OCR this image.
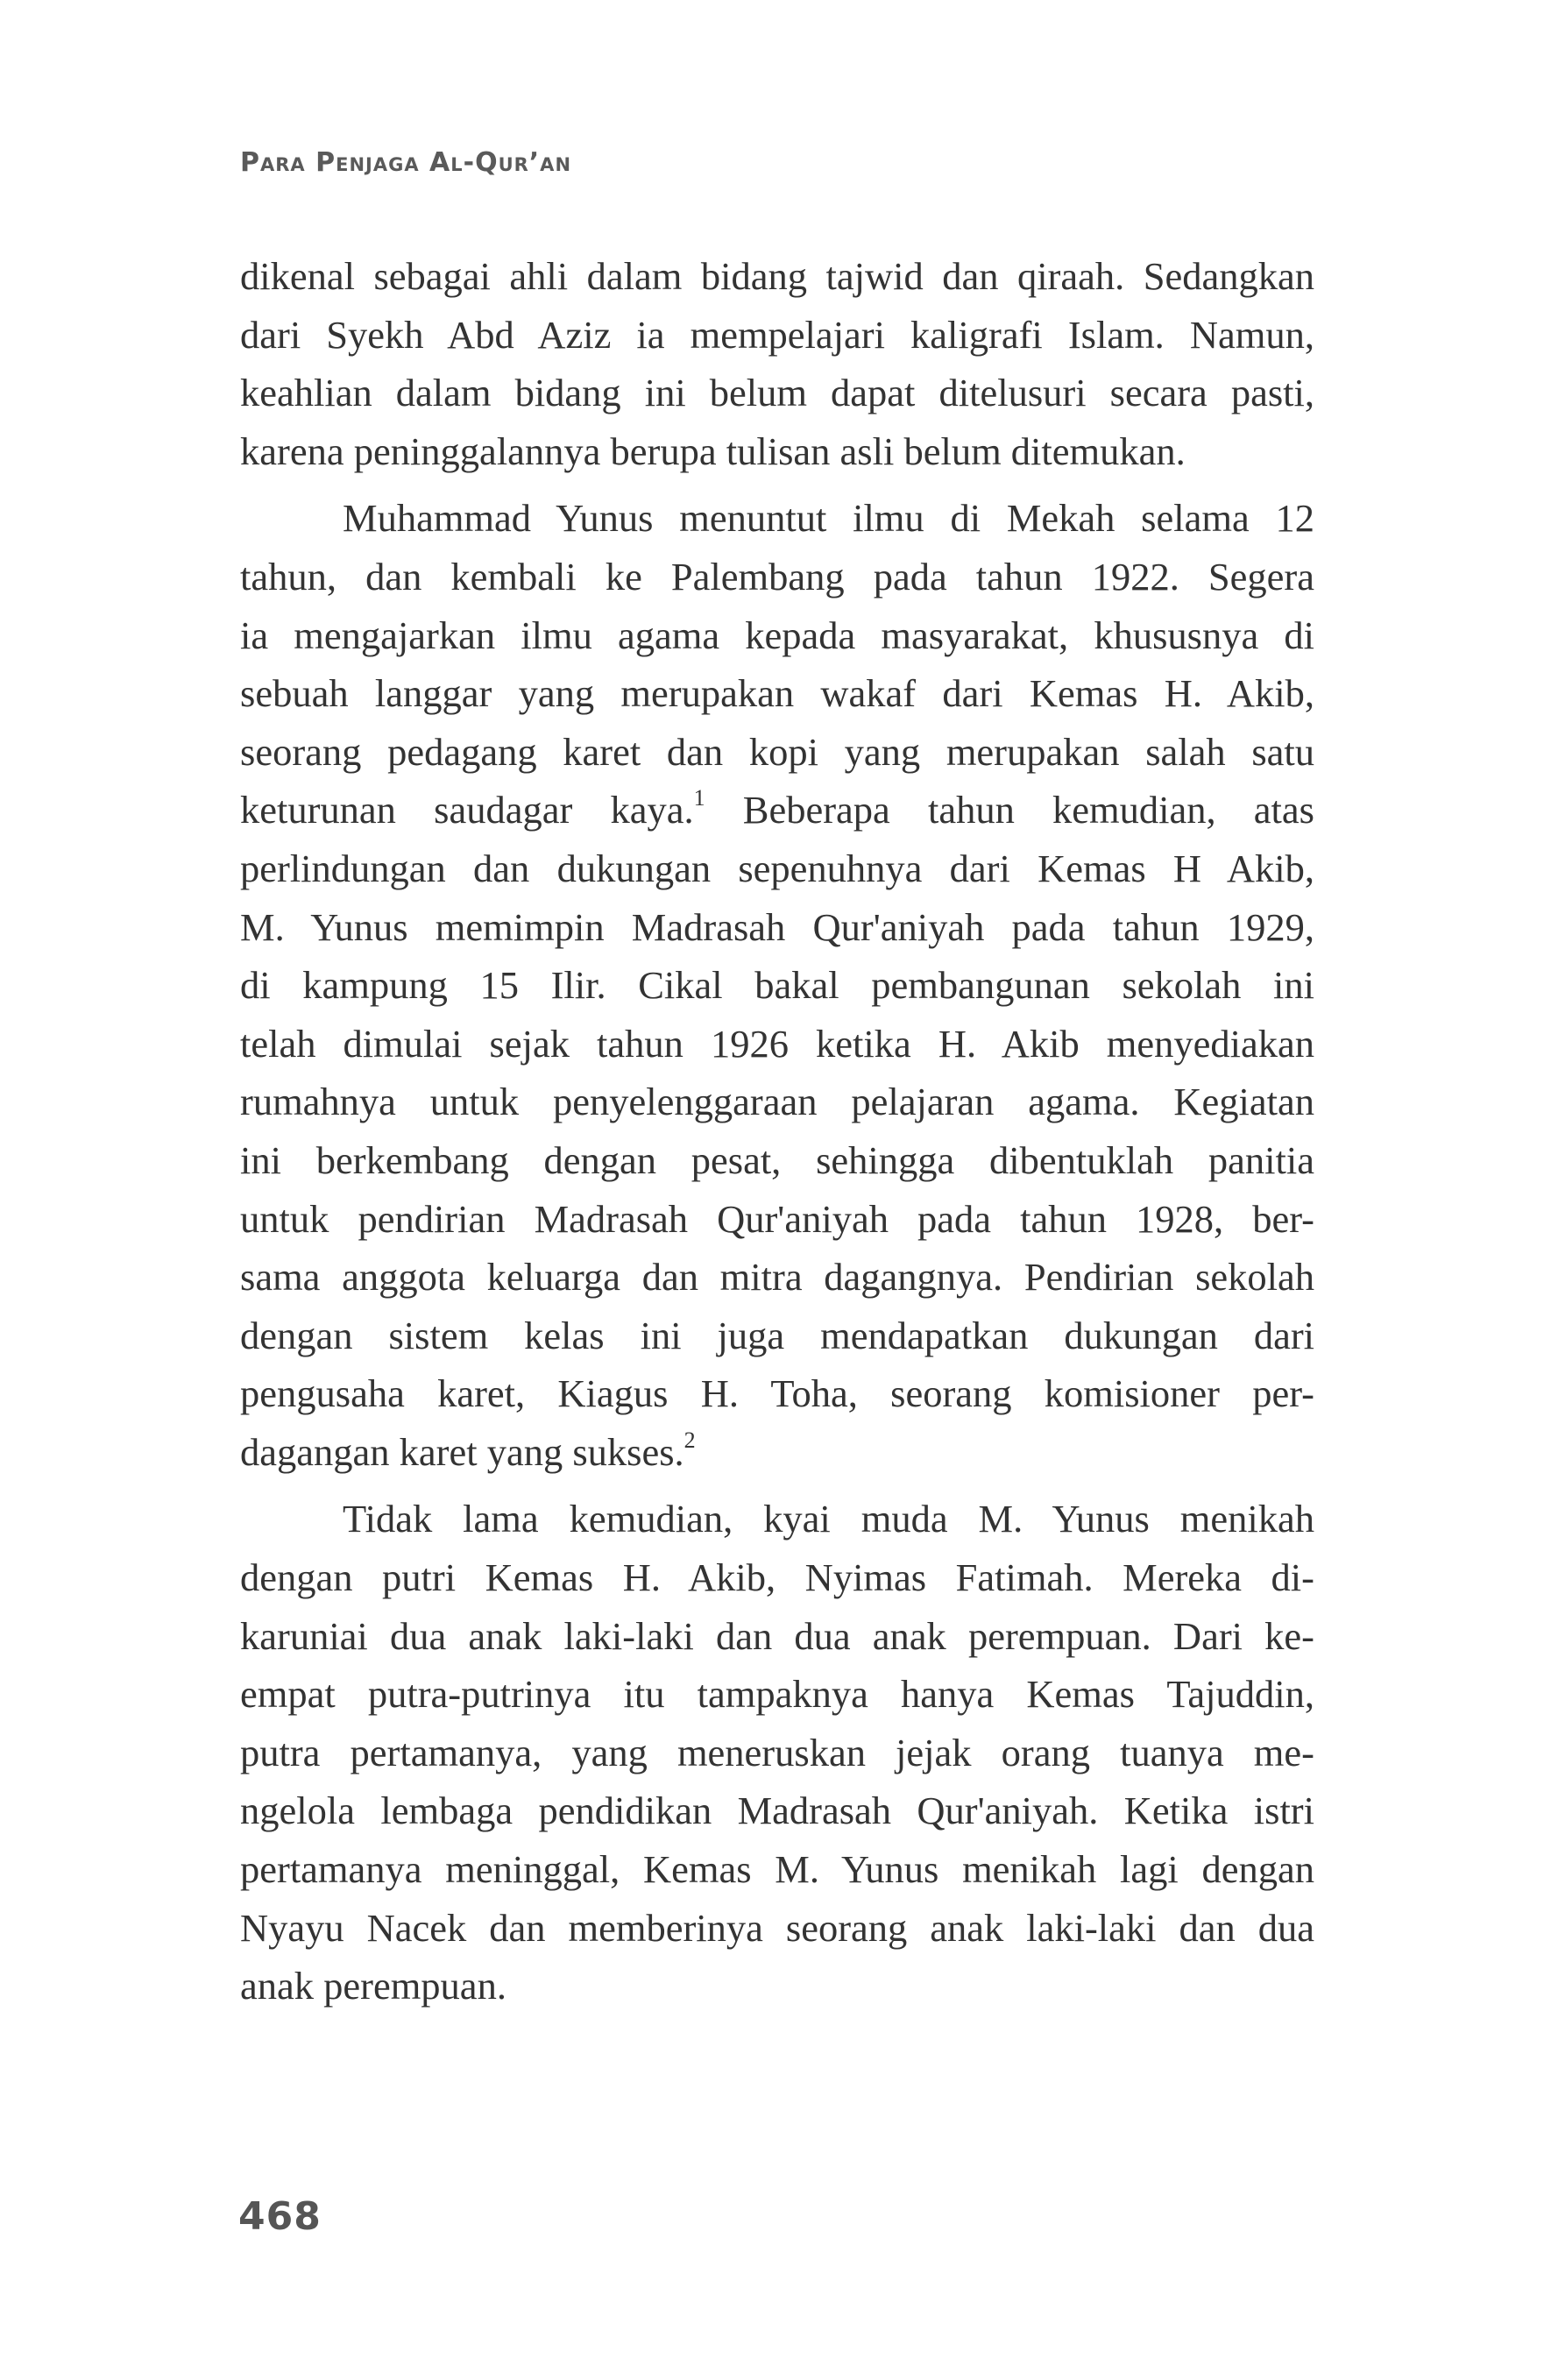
Para Penjaga Al-Qur’an

dikenal sebagai ahli dalam bidang tajwid dan qiraah. Sedangkan
dari Syekh Abd Aziz ia mempelajari kaligrafi Islam. Namun,
keahlian dalam bidang ini belum dapat ditelusuri secara pasti,
karena peninggalannya berupa tulisan asli belum ditemukan.

Muhammad Yunus menuntut ilmu di Mekah selama 12
tahun, dan kembali ke Palembang pada tahun 1922. Segera
ia mengajarkan ilmu agama kepada masyarakat, khususnya di
sebuah langgar yang merupakan wakaf dari Kemas H. Akib,
seorang pedagang karet dan kopi yang merupakan salah satu
keturunan saudagar kaya.$^1$ Beberapa tahun kemudian, atas
perlindungan dan dukungan sepenuhnya dari Kemas H Akib,
M. Yunus memimpin Madrasah Qur'aniyah pada tahun 1929,
di kampung 15 Ilir. Cikal bakal pembangunan sekolah ini
telah dimulai sejak tahun 1926 ketika H. Akib menyediakan
rumahnya untuk penyelenggaraan pelajaran agama. Kegiatan
ini berkembang dengan pesat, sehingga dibentuklah panitia
untuk pendirian Madrasah Qur'aniyah pada tahun 1928, ber-
sama anggota keluarga dan mitra dagangnya. Pendirian sekolah
dengan sistem kelas ini juga mendapatkan dukungan dari
pengusaha karet, Kiagus H. Toha, seorang komisioner per-
dagangan karet yang sukses.$^2$

Tidak lama kemudian, kyai muda M. Yunus menikah
dengan putri Kemas H. Akib, Nyimas Fatimah. Mereka di-
karuniai dua anak laki-laki dan dua anak perempuan. Dari ke-
empat putra-putrinya itu tampaknya hanya Kemas Tajuddin,
putra pertamanya, yang meneruskan jejak orang tuanya me-
ngelola lembaga pendidikan Madrasah Qur'aniyah. Ketika istri
pertamanya meninggal, Kemas M. Yunus menikah lagi dengan
Nyayu Nacek dan memberinya seorang anak laki-laki dan dua
anak perempuan.

468
